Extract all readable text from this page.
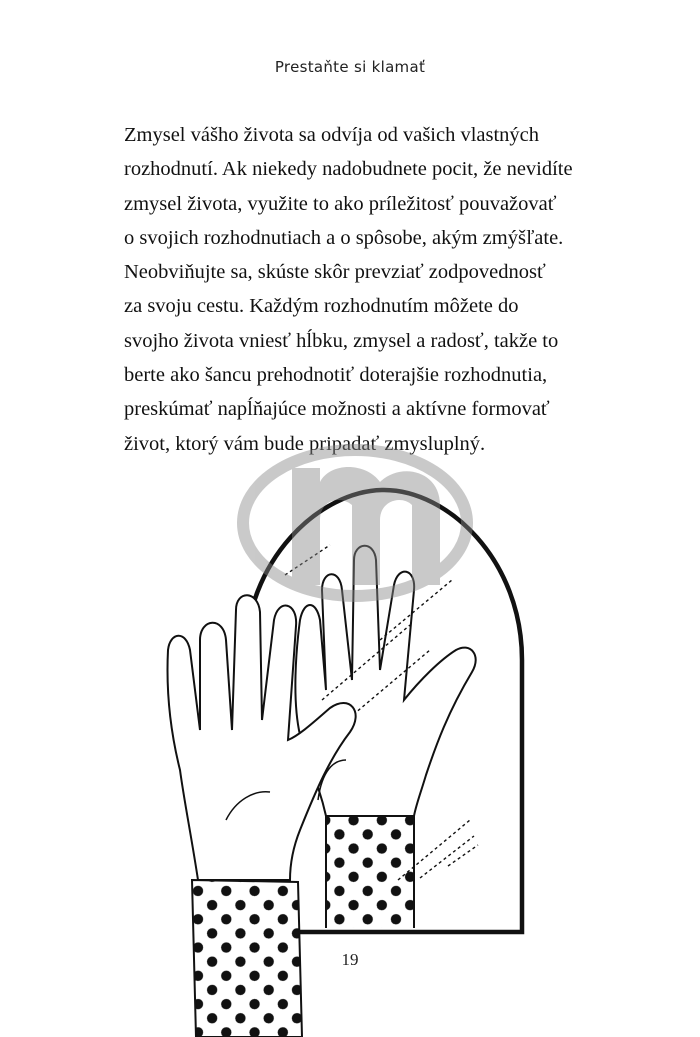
Prestaňte si klamať

Zmysel vášho života sa odvíja od vašich vlastných
rozhodnutí. Ak niekedy nadobudnete pocit, že nevidíte
zmysel života, využite to ako príležitosť pouvažovať
o svojich rozhodnutiach a o spôsobe, akým zmýšľate.
Neobviňujte sa, skúste skôr prevziať zodpovednosť
za svoju cestu. Každým rozhodnutím môžete do
svojho života vniesť hĺbku, zmysel a radosť, takže to
berte ako šancu prehodnotiť doterajšie rozhodnutia,
preskúmať napĺňajúce možnosti a aktívne formovať
život, ktorý vám bude pripadať zmysluplný.

19
